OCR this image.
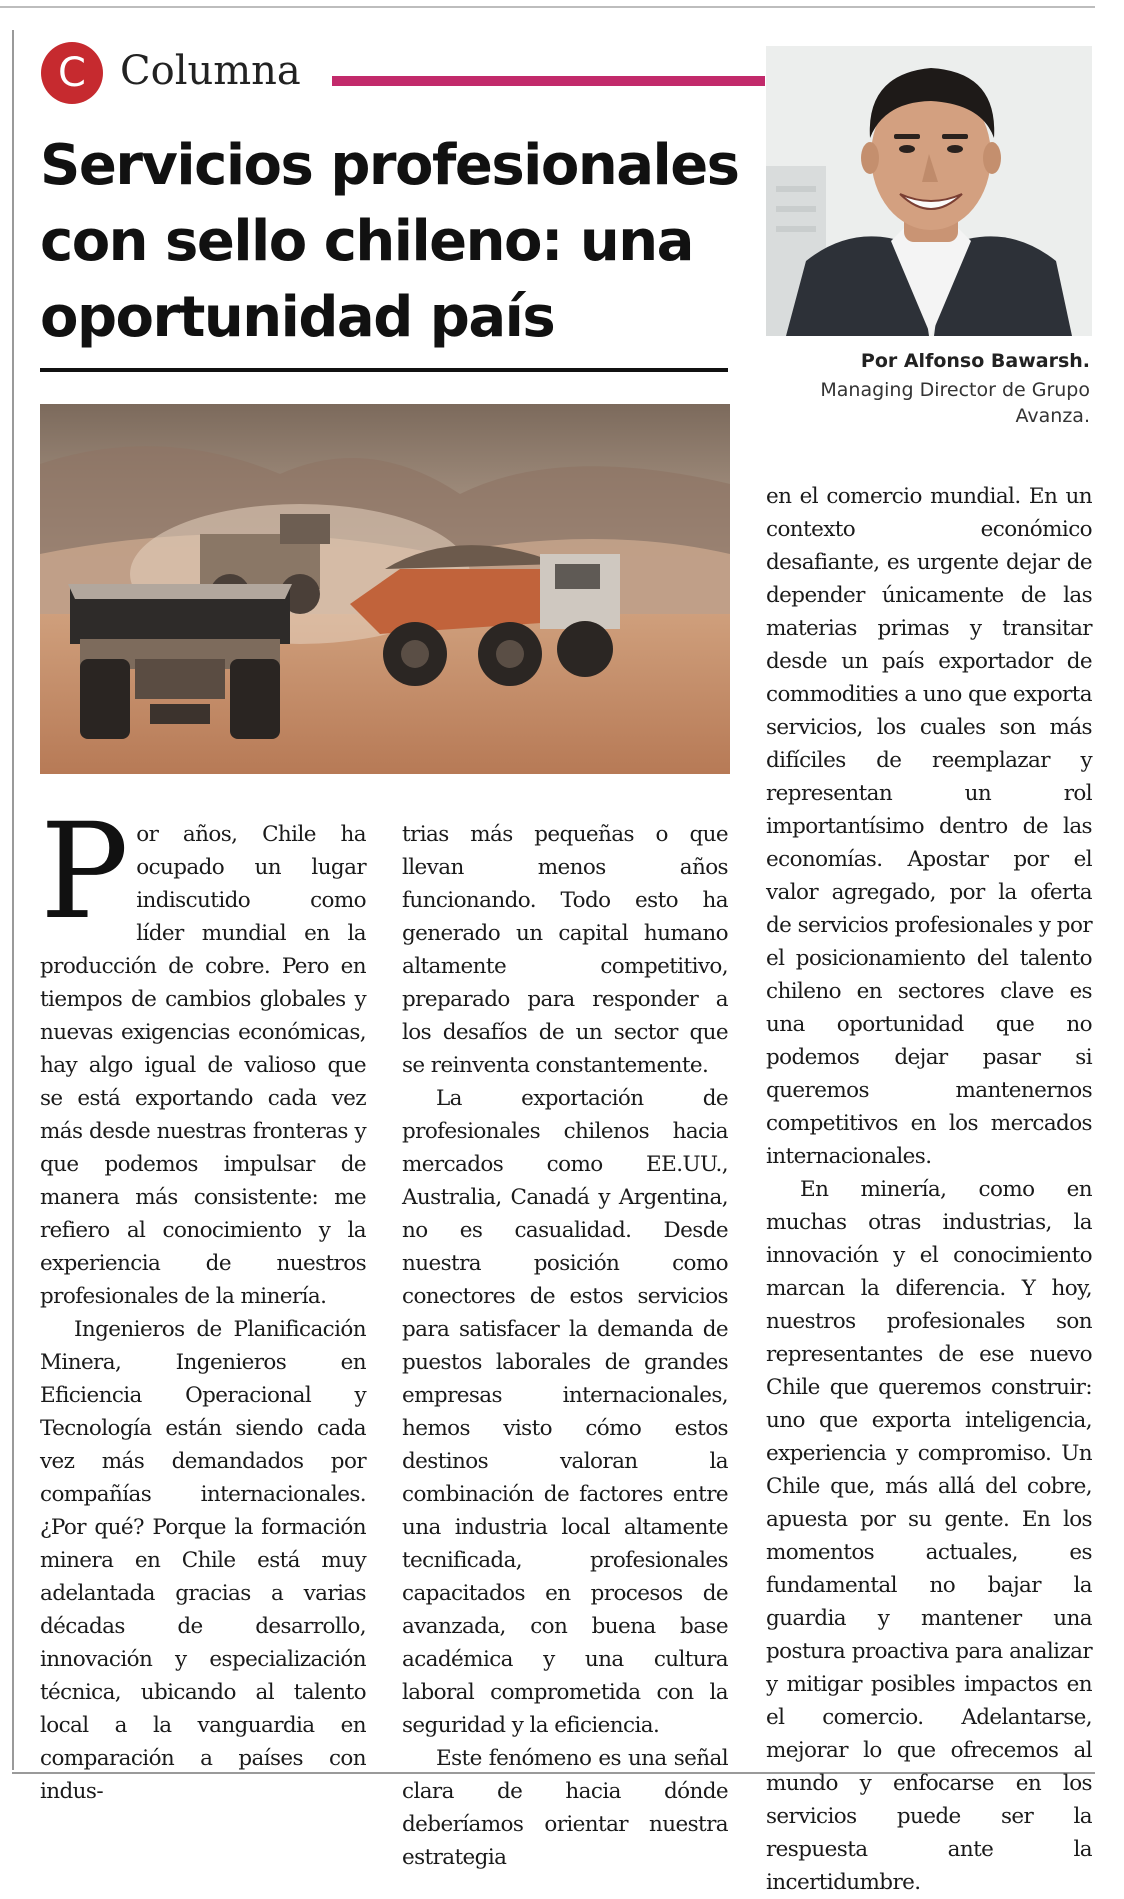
C Columna
Servicios profesionales con sello chileno: una oportunidad país
Por Alfonso Bawarsh.
Managing Director de Grupo Avanza.

Por años, Chile ha ocupado un lugar indiscutido como líder mundial en la producción de cobre. Pero en tiempos de cambios globales y nuevas exigencias económicas, hay algo igual de valioso que se está exportando cada vez más desde nuestras fronteras y que podemos impulsar de manera más consistente: me refiero al conocimiento y la experiencia de nuestros profesionales de la minería.

Ingenieros de Planificación Minera, Ingenieros en Eficiencia Operacional y Tecnología están siendo cada vez más demandados por compañías internacionales. ¿Por qué? Porque la formación minera en Chile está muy adelantada gracias a varias décadas de desarrollo, innovación y especialización técnica, ubicando al talento local a la vanguardia en comparación a países con indus-

trias más pequeñas o que llevan menos años funcionando. Todo esto ha generado un capital humano altamente competitivo, preparado para responder a los desafíos de un sector que se reinventa constantemente.

La exportación de profesionales chilenos hacia mercados como EE.UU., Australia, Canadá y Argentina, no es casualidad. Desde nuestra posición como conectores de estos servicios para satisfacer la demanda de puestos laborales de grandes empresas internacionales, hemos visto cómo estos destinos valoran la combinación de factores entre una industria local altamente tecnificada, profesionales capacitados en procesos de avanzada, con buena base académica y una cultura laboral comprometida con la seguridad y la eficiencia.

Este fenómeno es una señal clara de hacia dónde deberíamos orientar nuestra estrategia

en el comercio mundial. En un contexto económico desafiante, es urgente dejar de depender únicamente de las materias primas y transitar desde un país exportador de commodities a uno que exporta servicios, los cuales son más difíciles de reemplazar y representan un rol importantísimo dentro de las economías. Apostar por el valor agregado, por la oferta de servicios profesionales y por el posicionamiento del talento chileno en sectores clave es una oportunidad que no podemos dejar pasar si queremos mantenernos competitivos en los mercados internacionales.

En minería, como en muchas otras industrias, la innovación y el conocimiento marcan la diferencia. Y hoy, nuestros profesionales son representantes de ese nuevo Chile que queremos construir: uno que exporta inteligencia, experiencia y compromiso. Un Chile que, más allá del cobre, apuesta por su gente. En los momentos actuales, es fundamental no bajar la guardia y mantener una postura proactiva para analizar y mitigar posibles impactos en el comercio. Adelantarse, mejorar lo que ofrecemos al mundo y enfocarse en los servicios puede ser la respuesta ante la incertidumbre.
